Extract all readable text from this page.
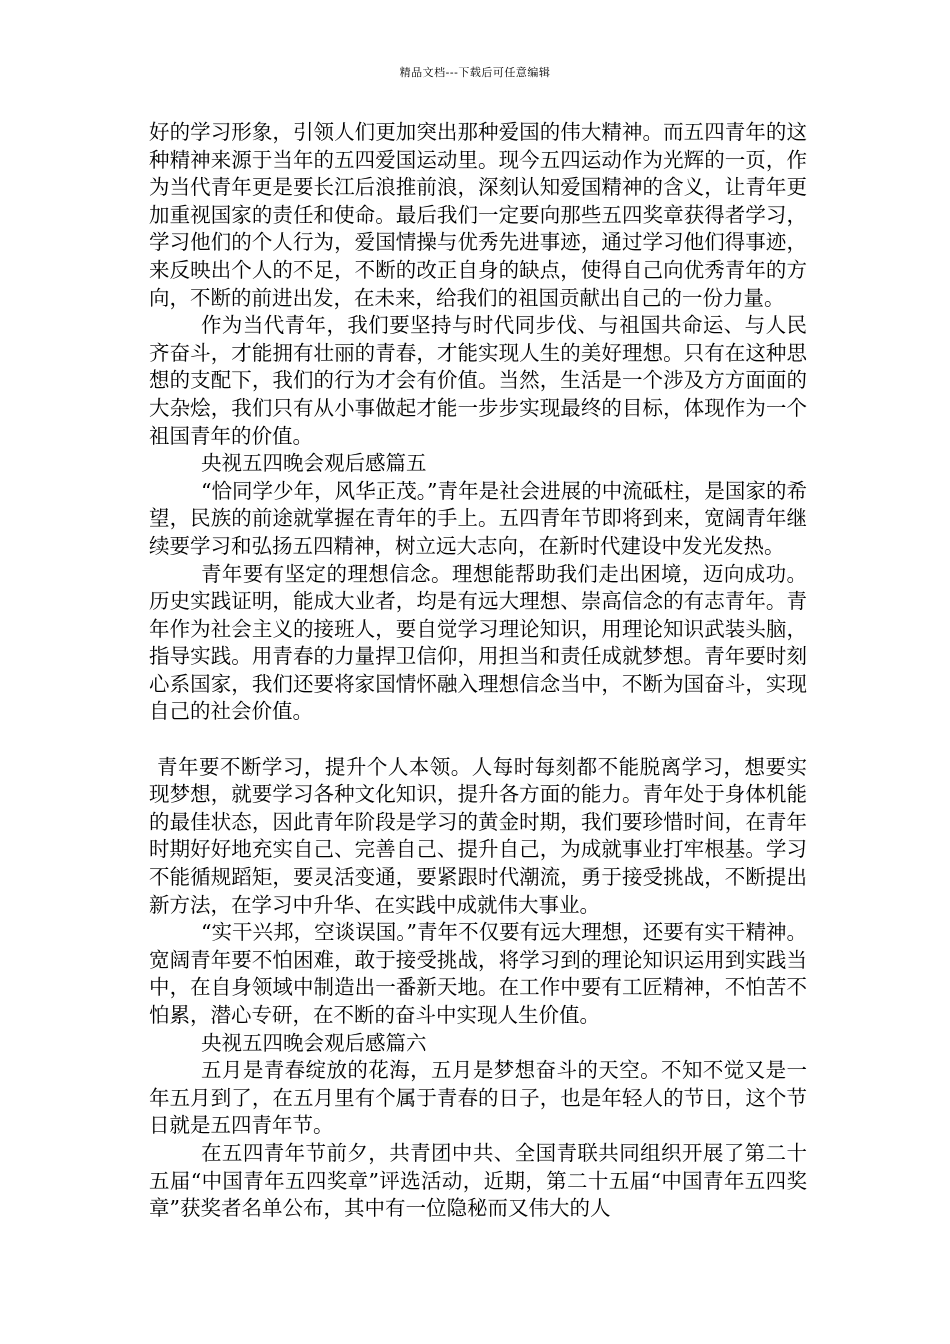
精品文档---下载后可任意编辑

好的学习形象，引领人们更加突出那种爱国的伟大精神。而五四青年的这种精神来源于当年的五四爱国运动里。现今五四运动作为光辉的一页，作为当代青年更是要长江后浪推前浪，深刻认知爱国精神的含义，让青年更加重视国家的责任和使命。最后我们一定要向那些五四奖章获得者学习，学习他们的个人行为，爱国情操与优秀先进事迹，通过学习他们得事迹，来反映出个人的不足，不断的改正自身的缺点，使得自己向优秀青年的方向，不断的前进出发，在未来，给我们的祖国贡献出自己的一份力量。

作为当代青年，我们要坚持与时代同步伐、与祖国共命运、与人民齐奋斗，才能拥有壮丽的青春，才能实现人生的美好理想。只有在这种思想的支配下，我们的行为才会有价值。当然，生活是一个涉及方方面面的大杂烩，我们只有从小事做起才能一步步实现最终的目标，体现作为一个祖国青年的价值。

央视五四晚会观后感篇五

“恰同学少年，风华正茂。”青年是社会进展的中流砥柱，是国家的希望，民族的前途就掌握在青年的手上。五四青年节即将到来，宽阔青年继续要学习和弘扬五四精神，树立远大志向，在新时代建设中发光发热。

青年要有坚定的理想信念。理想能帮助我们走出困境，迈向成功。历史实践证明，能成大业者，均是有远大理想、崇高信念的有志青年。青年作为社会主义的接班人，要自觉学习理论知识，用理论知识武装头脑，指导实践。用青春的力量捍卫信仰，用担当和责任成就梦想。青年要时刻心系国家，我们还要将家国情怀融入理想信念当中，不断为国奋斗，实现自己的社会价值。

青年要不断学习，提升个人本领。人每时每刻都不能脱离学习，想要实现梦想，就要学习各种文化知识，提升各方面的能力。青年处于身体机能的最佳状态，因此青年阶段是学习的黄金时期，我们要珍惜时间，在青年时期好好地充实自己、完善自己、提升自己，为成就事业打牢根基。学习不能循规蹈矩，要灵活变通，要紧跟时代潮流，勇于接受挑战，不断提出新方法，在学习中升华、在实践中成就伟大事业。

“实干兴邦，空谈误国。”青年不仅要有远大理想，还要有实干精神。宽阔青年要不怕困难，敢于接受挑战，将学习到的理论知识运用到实践当中，在自身领域中制造出一番新天地。在工作中要有工匠精神，不怕苦不怕累，潜心专研，在不断的奋斗中实现人生价值。

央视五四晚会观后感篇六

五月是青春绽放的花海，五月是梦想奋斗的天空。不知不觉又是一年五月到了，在五月里有个属于青春的日子，也是年轻人的节日，这个节日就是五四青年节。

在五四青年节前夕，共青团中共、全国青联共同组织开展了第二十五届“中国青年五四奖章”评选活动，近期，第二十五届“中国青年五四奖章”获奖者名单公布，其中有一位隐秘而又伟大的人
